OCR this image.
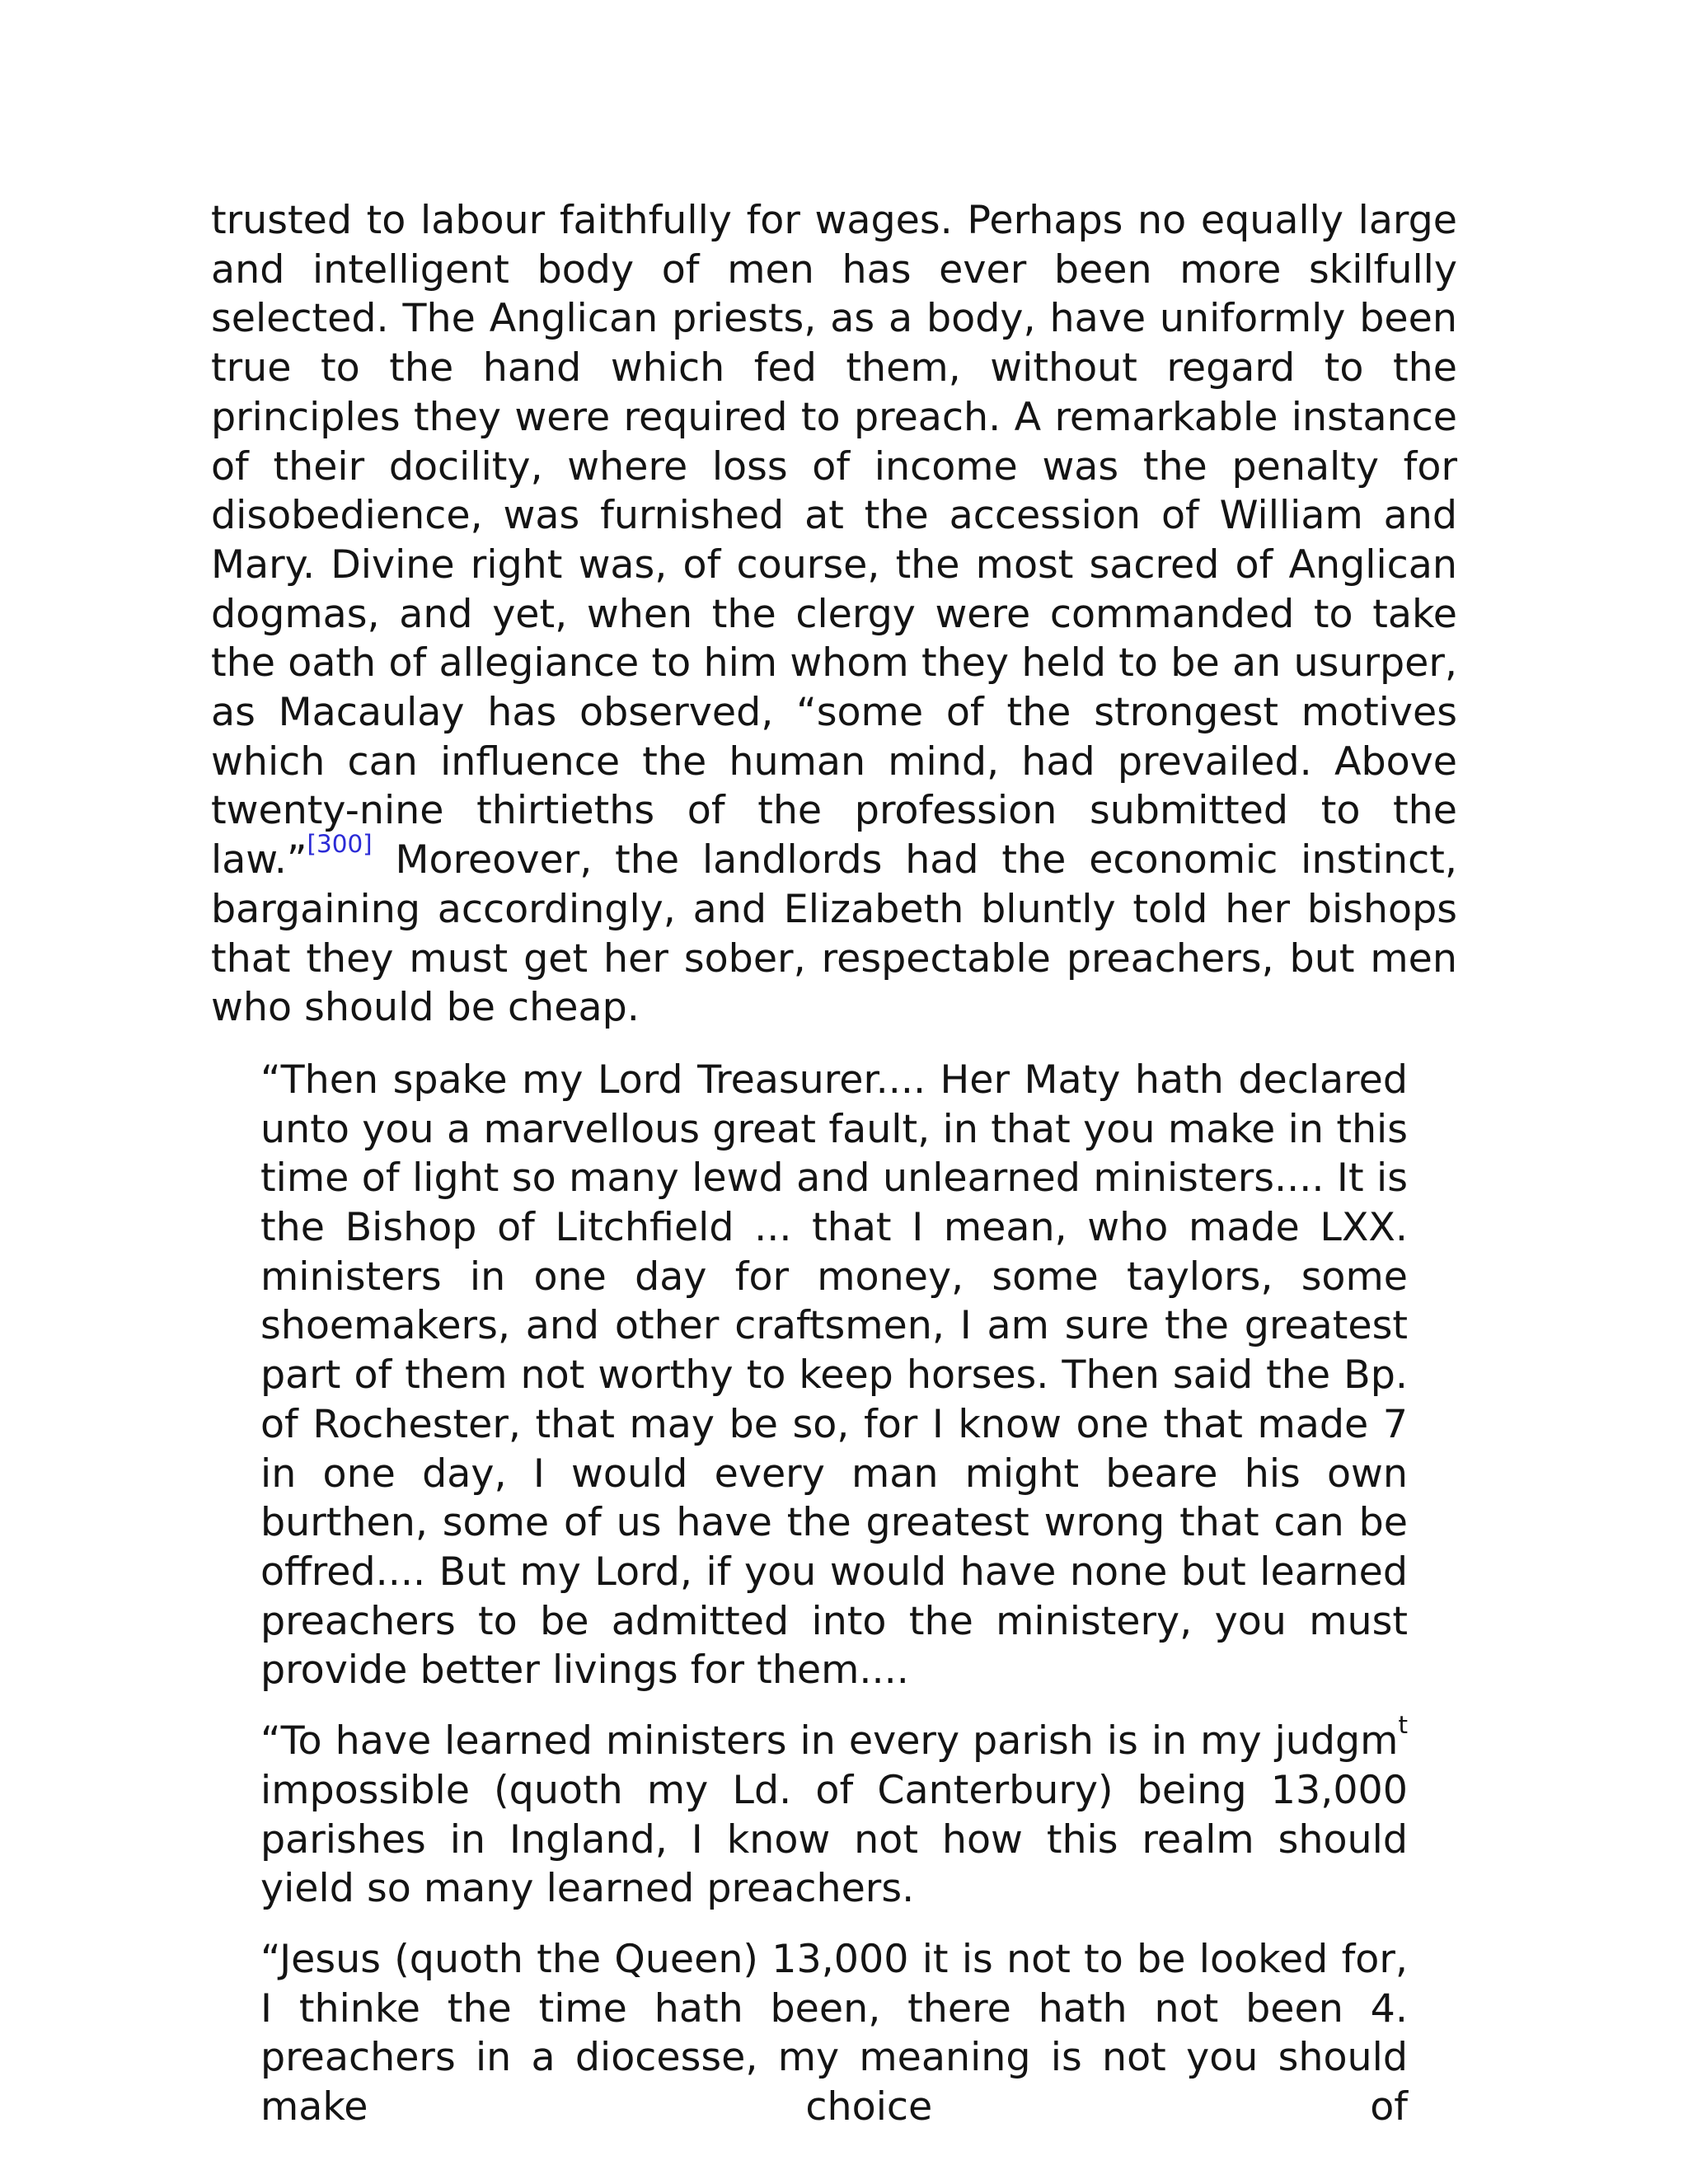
trusted to labour faithfully for wages. Perhaps no equally large and intelligent body of men has ever been more skilfully selected. The Anglican priests, as a body, have uniformly been true to the hand which fed them, without regard to the principles they were required to preach. A remarkable instance of their docility, where loss of income was the penalty for disobedience, was furnished at the accession of William and Mary. Divine right was, of course, the most sacred of Anglican dogmas, and yet, when the clergy were commanded to take the oath of allegiance to him whom they held to be an usurper, as Macaulay has observed, “some of the strongest motives which can influence the human mind, had prevailed. Above twenty-nine thirtieths of the profession submitted to the law.”[300] Moreover, the landlords had the economic instinct, bargaining accordingly, and Elizabeth bluntly told her bishops that they must get her sober, respectable preachers, but men who should be cheap.

“Then spake my Lord Treasurer.... Her Maty hath declared unto you a marvellous great fault, in that you make in this time of light so many lewd and unlearned ministers.... It is the Bishop of Litchfield ... that I mean, who made LXX. ministers in one day for money, some taylors, some shoemakers, and other craftsmen, I am sure the greatest part of them not worthy to keep horses. Then said the Bp. of Rochester, that may be so, for I know one that made 7 in one day, I would every man might beare his own burthen, some of us have the greatest wrong that can be offred.... But my Lord, if you would have none but learned preachers to be admitted into the ministery, you must provide better livings for them....

“To have learned ministers in every parish is in my judgm$^t$ impossible (quoth my Ld. of Canterbury) being 13,000 parishes in Ingland, I know not how this realm should yield so many learned preachers.

“Jesus (quoth the Queen) 13,000 it is not to be looked for, I thinke the time hath been, there hath not been 4. preachers in a diocesse, my meaning is not you should make choice of
